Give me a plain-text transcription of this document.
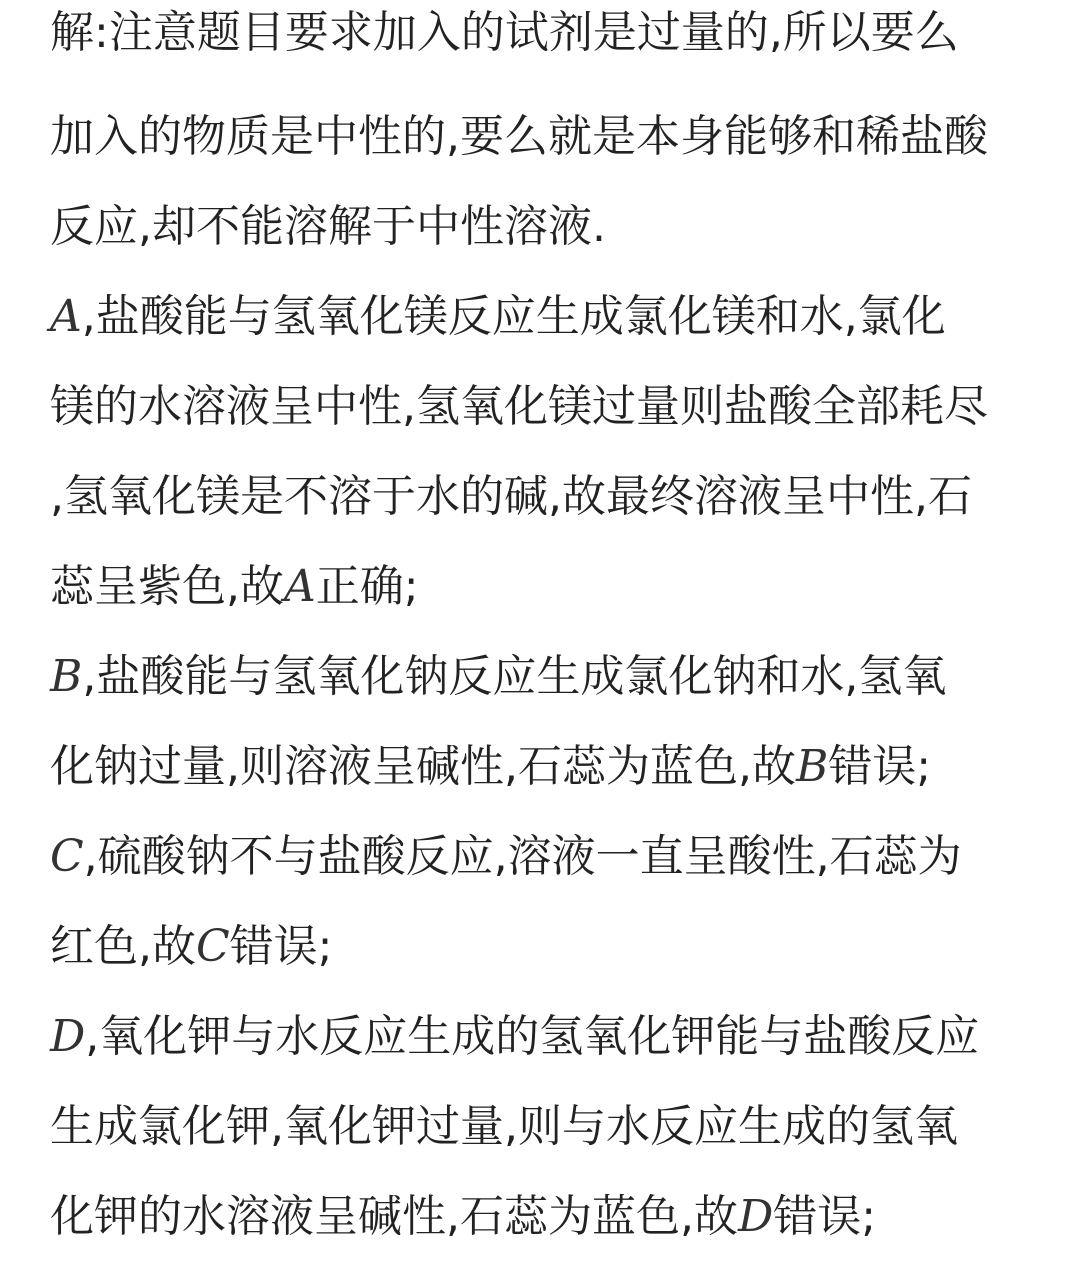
解:注意题目要求加入的试剂是过量的,所以要么
加入的物质是中性的,要么就是本身能够和稀盐酸
反应,却不能溶解于中性溶液.
A,盐酸能与氢氧化镁反应生成氯化镁和水,氯化
镁的水溶液呈中性,氢氧化镁过量则盐酸全部耗尽
,氢氧化镁是不溶于水的碱,故最终溶液呈中性,石
蕊呈紫色,故A正确;
B,盐酸能与氢氧化钠反应生成氯化钠和水,氢氧
化钠过量,则溶液呈碱性,石蕊为蓝色,故B错误;
C,硫酸钠不与盐酸反应,溶液一直呈酸性,石蕊为
红色,故C错误;
D,氧化钾与水反应生成的氢氧化钾能与盐酸反应
生成氯化钾,氧化钾过量,则与水反应生成的氢氧
化钾的水溶液呈碱性,石蕊为蓝色,故D错误;
